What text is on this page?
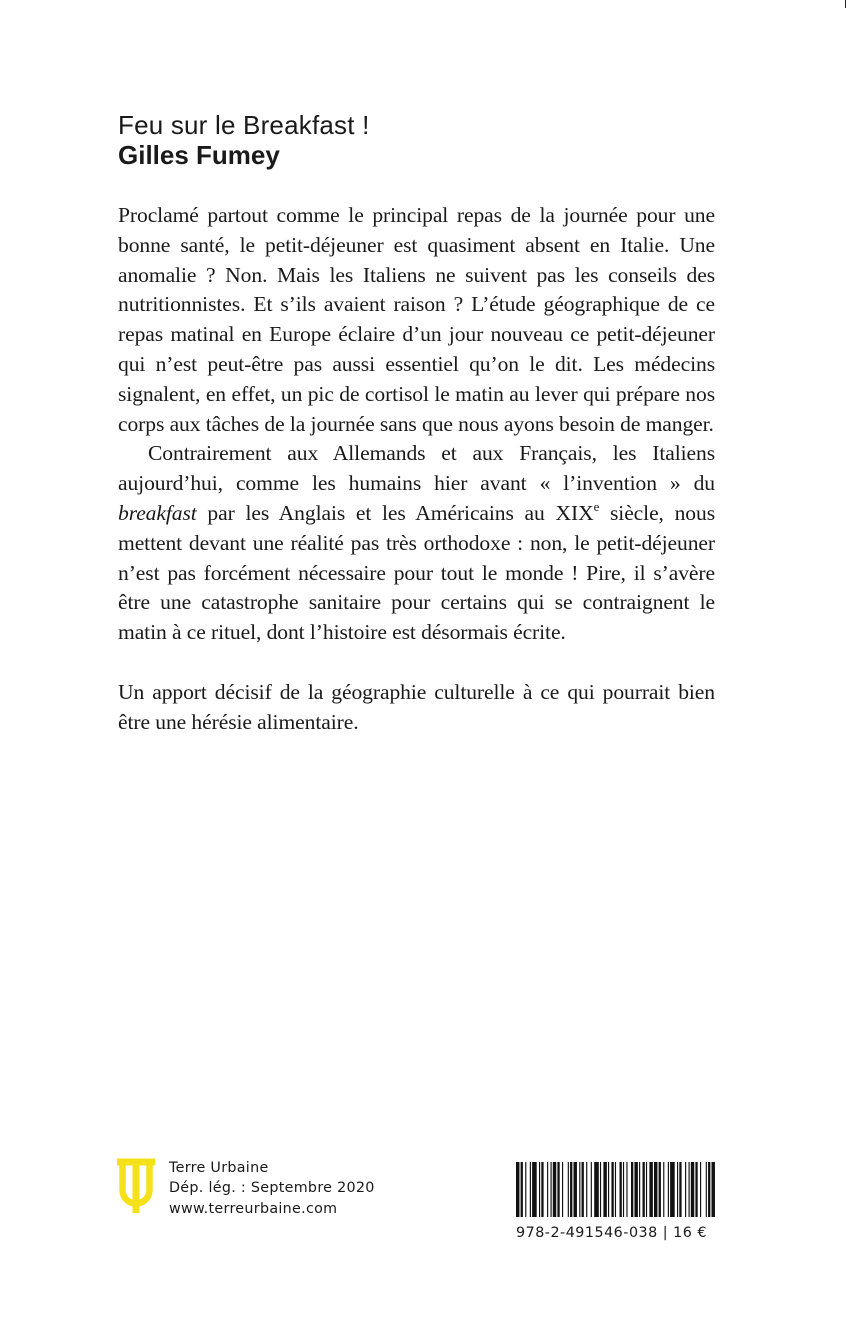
Feu sur le Breakfast !
Gilles Fumey

Proclamé partout comme le principal repas de la journée pour une bonne santé, le petit-déjeuner est quasiment absent en Italie. Une anomalie ? Non. Mais les Italiens ne suivent pas les conseils des nutritionnistes. Et s’ils avaient raison ? L’étude géographique de ce repas matinal en Europe éclaire d’un jour nouveau ce petit-déjeuner qui n’est peut-être pas aussi essentiel qu’on le dit. Les médecins signalent, en effet, un pic de cortisol le matin au lever qui prépare nos corps aux tâches de la journée sans que nous ayons besoin de manger.

Contrairement aux Allemands et aux Français, les Italiens aujourd’hui, comme les humains hier avant « l’invention » du breakfast par les Anglais et les Américains au XIXe siècle, nous mettent devant une réalité pas très orthodoxe : non, le petit-déjeuner n’est pas forcément nécessaire pour tout le monde ! Pire, il s’avère être une catastrophe sanitaire pour certains qui se contraignent le matin à ce rituel, dont l’histoire est désormais écrite.

Un apport décisif de la géographie culturelle à ce qui pourrait bien être une hérésie alimentaire.

Terre Urbaine
Dép. lég. : Septembre 2020
www.terreurbaine.com
978-2-491546-038 | 16 €
